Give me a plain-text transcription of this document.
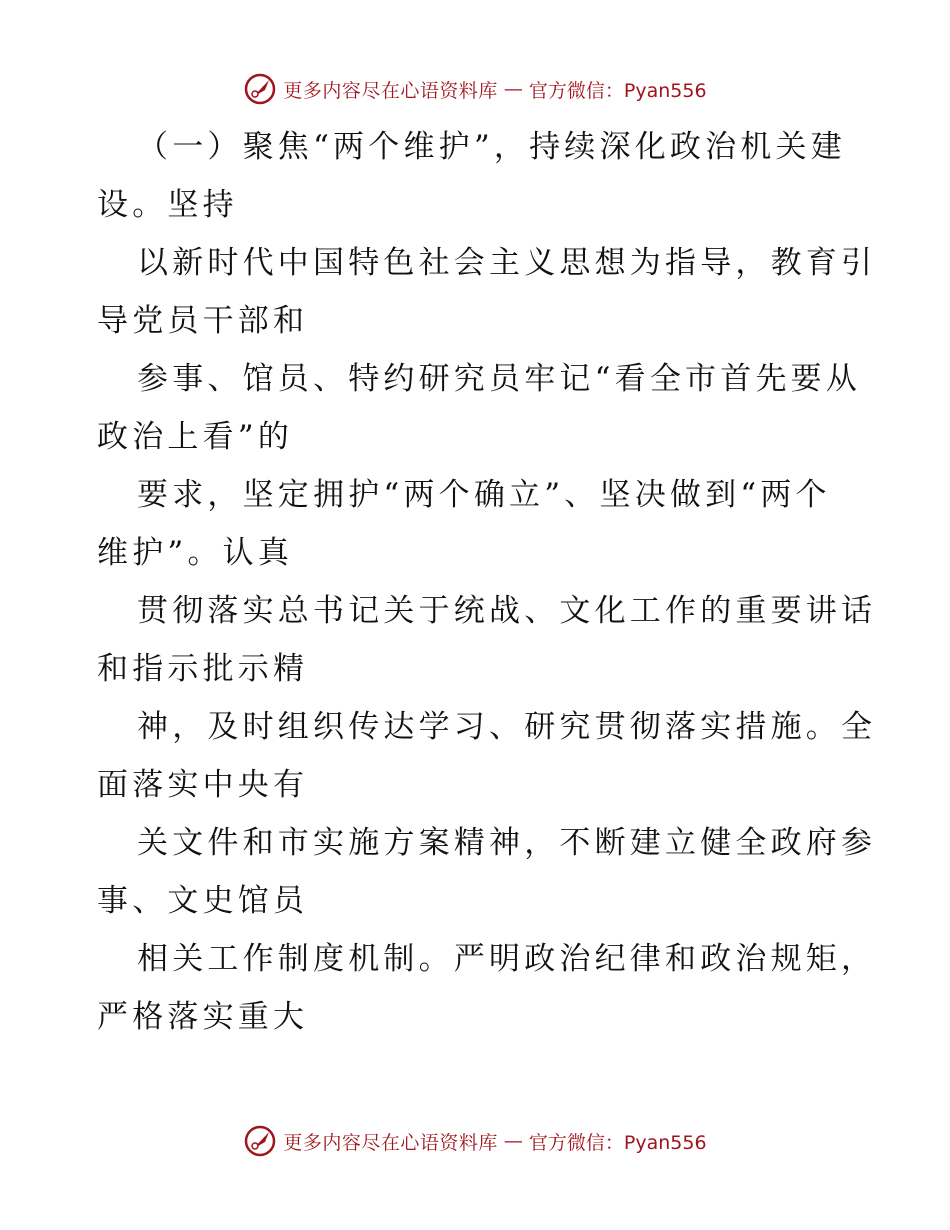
更多内容尽在心语资料库 — 官方微信：Pyan556
（一）聚焦“两个维护”，持续深化政治机关建
设。坚持
以新时代中国特色社会主义思想为指导，教育引
导党员干部和
参事、馆员、特约研究员牢记“看全市首先要从
政治上看”的
要求，坚定拥护“两个确立”、坚决做到“两个
维护”。认真
贯彻落实总书记关于统战、文化工作的重要讲话
和指示批示精
神，及时组织传达学习、研究贯彻落实措施。全
面落实中央有
关文件和市实施方案精神，不断建立健全政府参
事、文史馆员
相关工作制度机制。严明政治纪律和政治规矩，
严格落实重大
更多内容尽在心语资料库 — 官方微信：Pyan556
